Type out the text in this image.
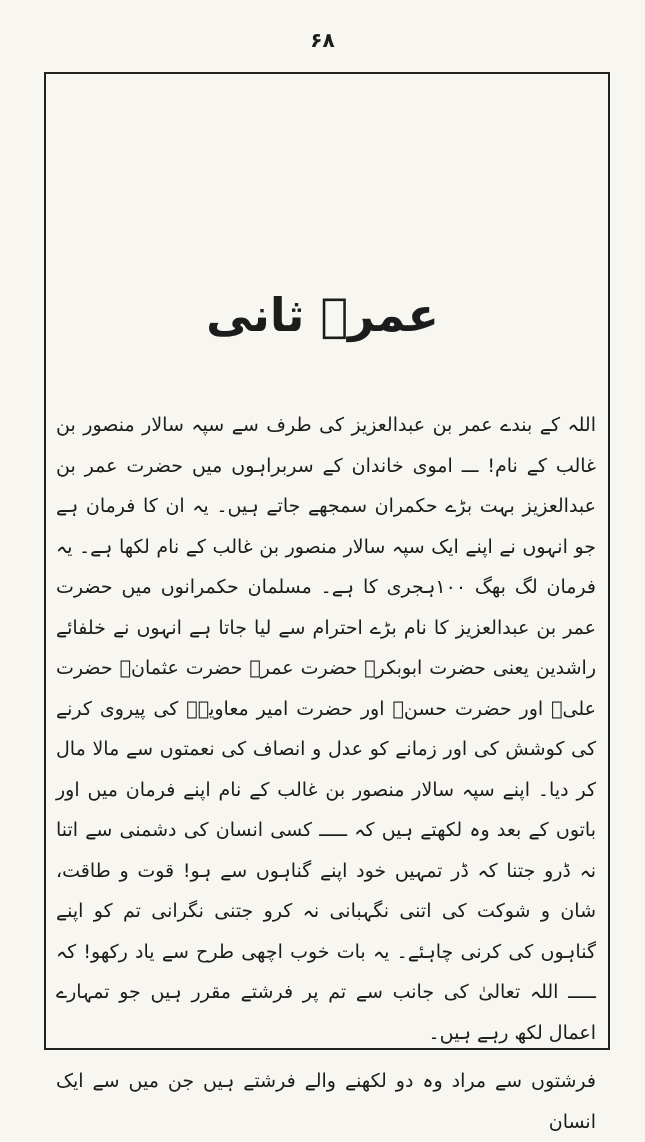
۶۸
عمرؒ ثانی

اللہ کے بندے عمر بن عبدالعزیز کی طرف سے سپہ سالار منصور بن غالب کے نام! ـــ اموی خاندان کے سربراہوں میں حضرت عمر بن عبدالعزیز بہت بڑے حکمران سمجھے جاتے ہیں۔ یہ ان کا فرمان ہے جو انہوں نے اپنے ایک سپہ سالار منصور بن غالب کے نام لکھا ہے۔ یہ فرمان لگ بھگ ۱۰۰ہجری کا ہے۔ مسلمان حکمرانوں میں حضرت عمر بن عبدالعزیز کا نام بڑے احترام سے لیا جاتا ہے انہوں نے خلفائے راشدین یعنی حضرت ابوبکرؓ حضرت عمرؓ حضرت عثمانؓ حضرت علیؓ اور حضرت حسنؓ اور حضرت امیر معاویہؓ کی پیروی کرنے کی کوشش کی اور زمانے کو عدل و انصاف کی نعمتوں سے مالا مال کر دیا۔ اپنے سپہ سالار منصور بن غالب کے نام اپنے فرمان میں اور باتوں کے بعد وہ لکھتے ہیں کہ ـــــ کسی انسان کی دشمنی سے اتنا نہ ڈرو جتنا کہ ڈر تمہیں خود اپنے گناہوں سے ہو! قوت و طاقت، شان و شوکت کی اتنی نگہبانی نہ کرو جتنی نگرانی تم کو اپنے گناہوں کی کرنی چاہئے۔ یہ بات خوب اچھی طرح سے یاد رکھو! کہ ـــــ اللہ تعالیٰ کی جانب سے تم پر فرشتے مقرر ہیں جو تمہارے اعمال لکھ رہے ہیں۔

فرشتوں سے مراد وہ دو لکھنے والے فرشتے ہیں جن میں سے ایک انسان
